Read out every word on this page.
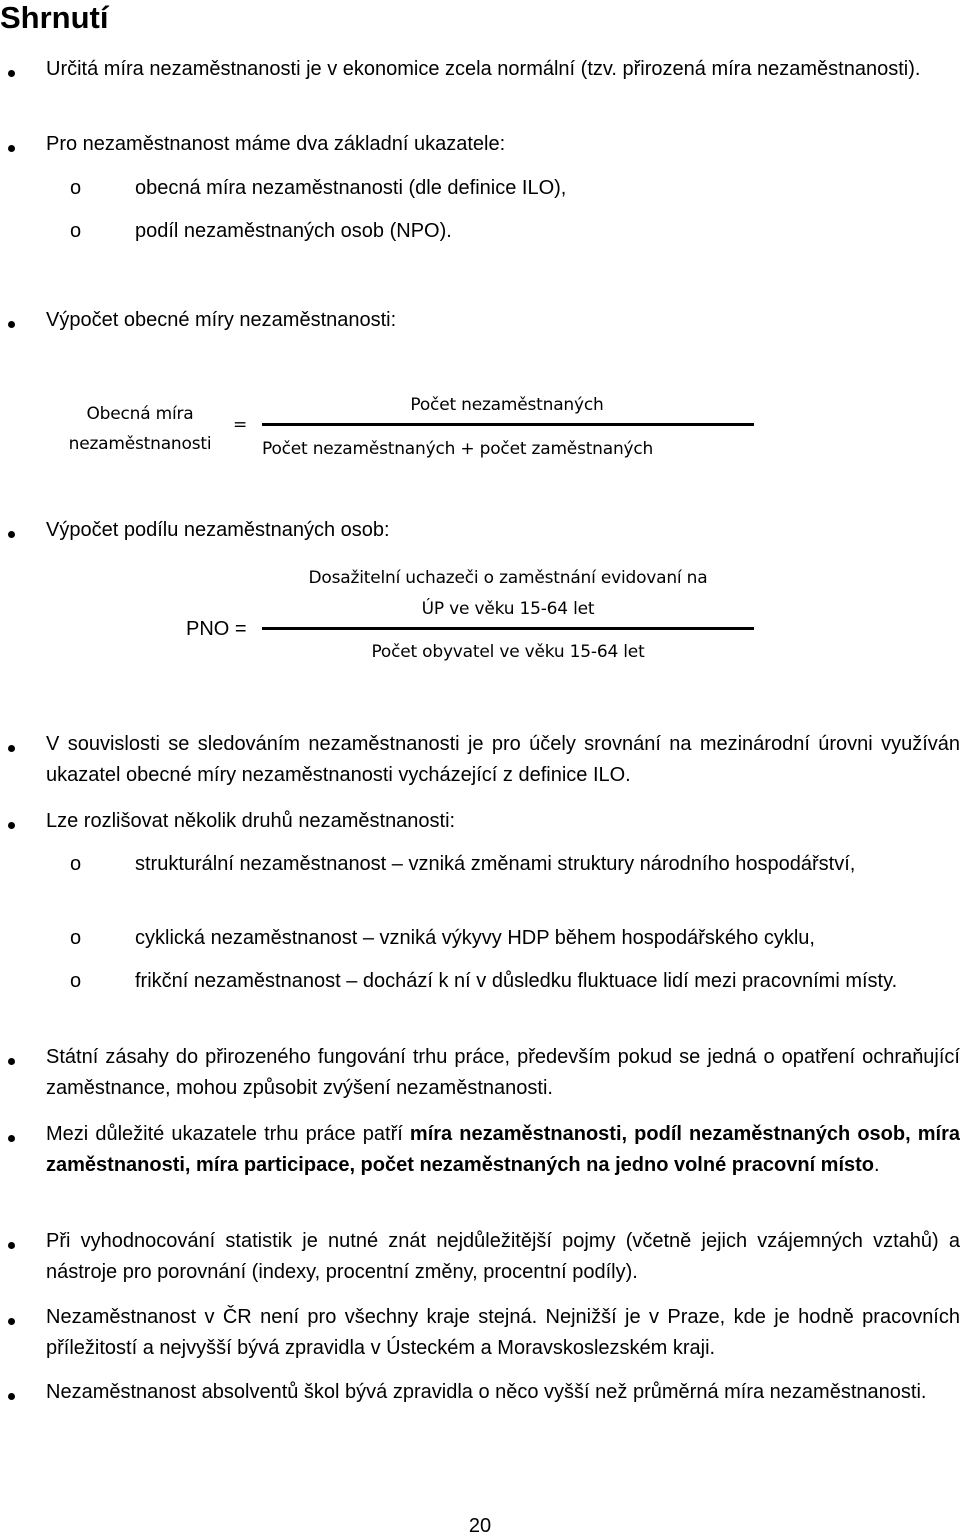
Shrnutí
Určitá míra nezaměstnanosti je v ekonomice zcela normální (tzv. přirozená míra nezaměstnanosti).
Pro nezaměstnanost máme dva základní ukazatele:
o	obecná míra nezaměstnanosti (dle definice ILO),
o	podíl nezaměstnaných osob (NPO).
Výpočet obecné míry nezaměstnanosti:
Obecná míra
nezaměstnanosti
=
Počet nezaměstnaných
Počet nezaměstnaných + počet zaměstnaných
Výpočet podílu nezaměstnaných osob:
PNO =
Dosažitelní uchazeči o zaměstnání evidovaní na
ÚP ve věku 15-64 let
Počet obyvatel ve věku 15-64 let
V souvislosti se sledováním nezaměstnanosti je pro účely srovnání na mezinárodní úrovni využíván ukazatel obecné míry nezaměstnanosti vycházející z definice ILO.
Lze rozlišovat několik druhů nezaměstnanosti:
o	strukturální nezaměstnanost – vzniká změnami struktury národního hospodářství,
o	cyklická nezaměstnanost – vzniká výkyvy HDP během hospodářského cyklu,
o	frikční nezaměstnanost – dochází k ní v důsledku fluktuace lidí mezi pracovními místy.
Státní zásahy do přirozeného fungování trhu práce, především pokud se jedná o opatření ochraňující zaměstnance, mohou způsobit zvýšení nezaměstnanosti.
Mezi důležité ukazatele trhu práce patří míra nezaměstnanosti, podíl nezaměstnaných osob, míra zaměstnanosti, míra participace, počet nezaměstnaných na jedno volné pracovní místo.
Při vyhodnocování statistik je nutné znát nejdůležitější pojmy (včetně jejich vzájemných vztahů) a nástroje pro porovnání (indexy, procentní změny, procentní podíly).
Nezaměstnanost v ČR není pro všechny kraje stejná. Nejnižší je v Praze, kde je hodně pracovních příležitostí a nejvyšší bývá zpravidla v Ústeckém a Moravskoslezském kraji.
Nezaměstnanost absolventů škol bývá zpravidla o něco vyšší než průměrná míra nezaměstnanosti.
20
